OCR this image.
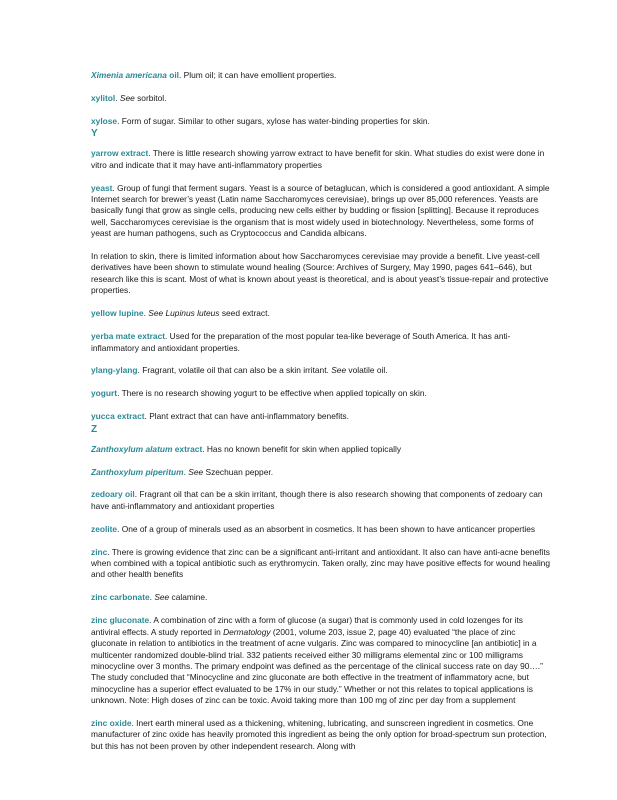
Ximenia americana oil. Plum oil; it can have emollient properties.
xylitol. See sorbitol.
xylose. Form of sugar. Similar to other sugars, xylose has water-binding properties for skin.
Y
yarrow extract. There is little research showing yarrow extract to have benefit for skin. What studies do exist were done in vitro and indicate that it may have anti-inflammatory properties
yeast. Group of fungi that ferment sugars. Yeast is a source of betaglucan, which is considered a good antioxidant. A simple Internet search for brewer’s yeast (Latin name Saccharomyces cerevisiae), brings up over 85,000 references. Yeasts are basically fungi that grow as single cells, producing new cells either by budding or fission [splitting]. Because it reproduces well, Saccharomyces cerevisiae is the organism that is most widely used in biotechnology. Nevertheless, some forms of yeast are human pathogens, such as Cryptococcus and Candida albicans.
In relation to skin, there is limited information about how Saccharomyces cerevisiae may provide a benefit. Live yeast-cell derivatives have been shown to stimulate wound healing (Source: Archives of Surgery, May 1990, pages 641–646), but research like this is scant. Most of what is known about yeast is theoretical, and is about yeast’s tissue-repair and protective properties.
yellow lupine. See Lupinus luteus seed extract.
yerba mate extract. Used for the preparation of the most popular tea-like beverage of South America. It has anti-inflammatory and antioxidant properties.
ylang-ylang. Fragrant, volatile oil that can also be a skin irritant. See volatile oil.
yogurt. There is no research showing yogurt to be effective when applied topically on skin.
yucca extract. Plant extract that can have anti-inflammatory benefits.
Z
Zanthoxylum alatum extract. Has no known benefit for skin when applied topically
Zanthoxylum piperitum. See Szechuan pepper.
zedoary oil. Fragrant oil that can be a skin irritant, though there is also research showing that components of zedoary can have anti-inflammatory and antioxidant properties
zeolite. One of a group of minerals used as an absorbent in cosmetics. It has been shown to have anticancer properties
zinc. There is growing evidence that zinc can be a significant anti-irritant and antioxidant. It also can have anti-acne benefits when combined with a topical antibiotic such as erythromycin. Taken orally, zinc may have positive effects for wound healing and other health benefits
zinc carbonate. See calamine.
zinc gluconate. A combination of zinc with a form of glucose (a sugar) that is commonly used in cold lozenges for its antiviral effects. A study reported in Dermatology (2001, volume 203, issue 2, page 40) evaluated “the place of zinc gluconate in relation to antibiotics in the treatment of acne vulgaris. Zinc was compared to minocycline [an antibiotic] in a multicenter randomized double-blind trial. 332 patients received either 30 milligrams elemental zinc or 100 milligrams minocycline over 3 months. The primary endpoint was defined as the percentage of the clinical success rate on day 90….” The study concluded that “Minocycline and zinc gluconate are both effective in the treatment of inflammatory acne, but minocycline has a superior effect evaluated to be 17% in our study.” Whether or not this relates to topical applications is unknown. Note: High doses of zinc can be toxic. Avoid taking more than 100 mg of zinc per day from a supplement
zinc oxide. Inert earth mineral used as a thickening, whitening, lubricating, and sunscreen ingredient in cosmetics. One manufacturer of zinc oxide has heavily promoted this ingredient as being the only option for broad-spectrum sun protection, but this has not been proven by other independent research. Along with
